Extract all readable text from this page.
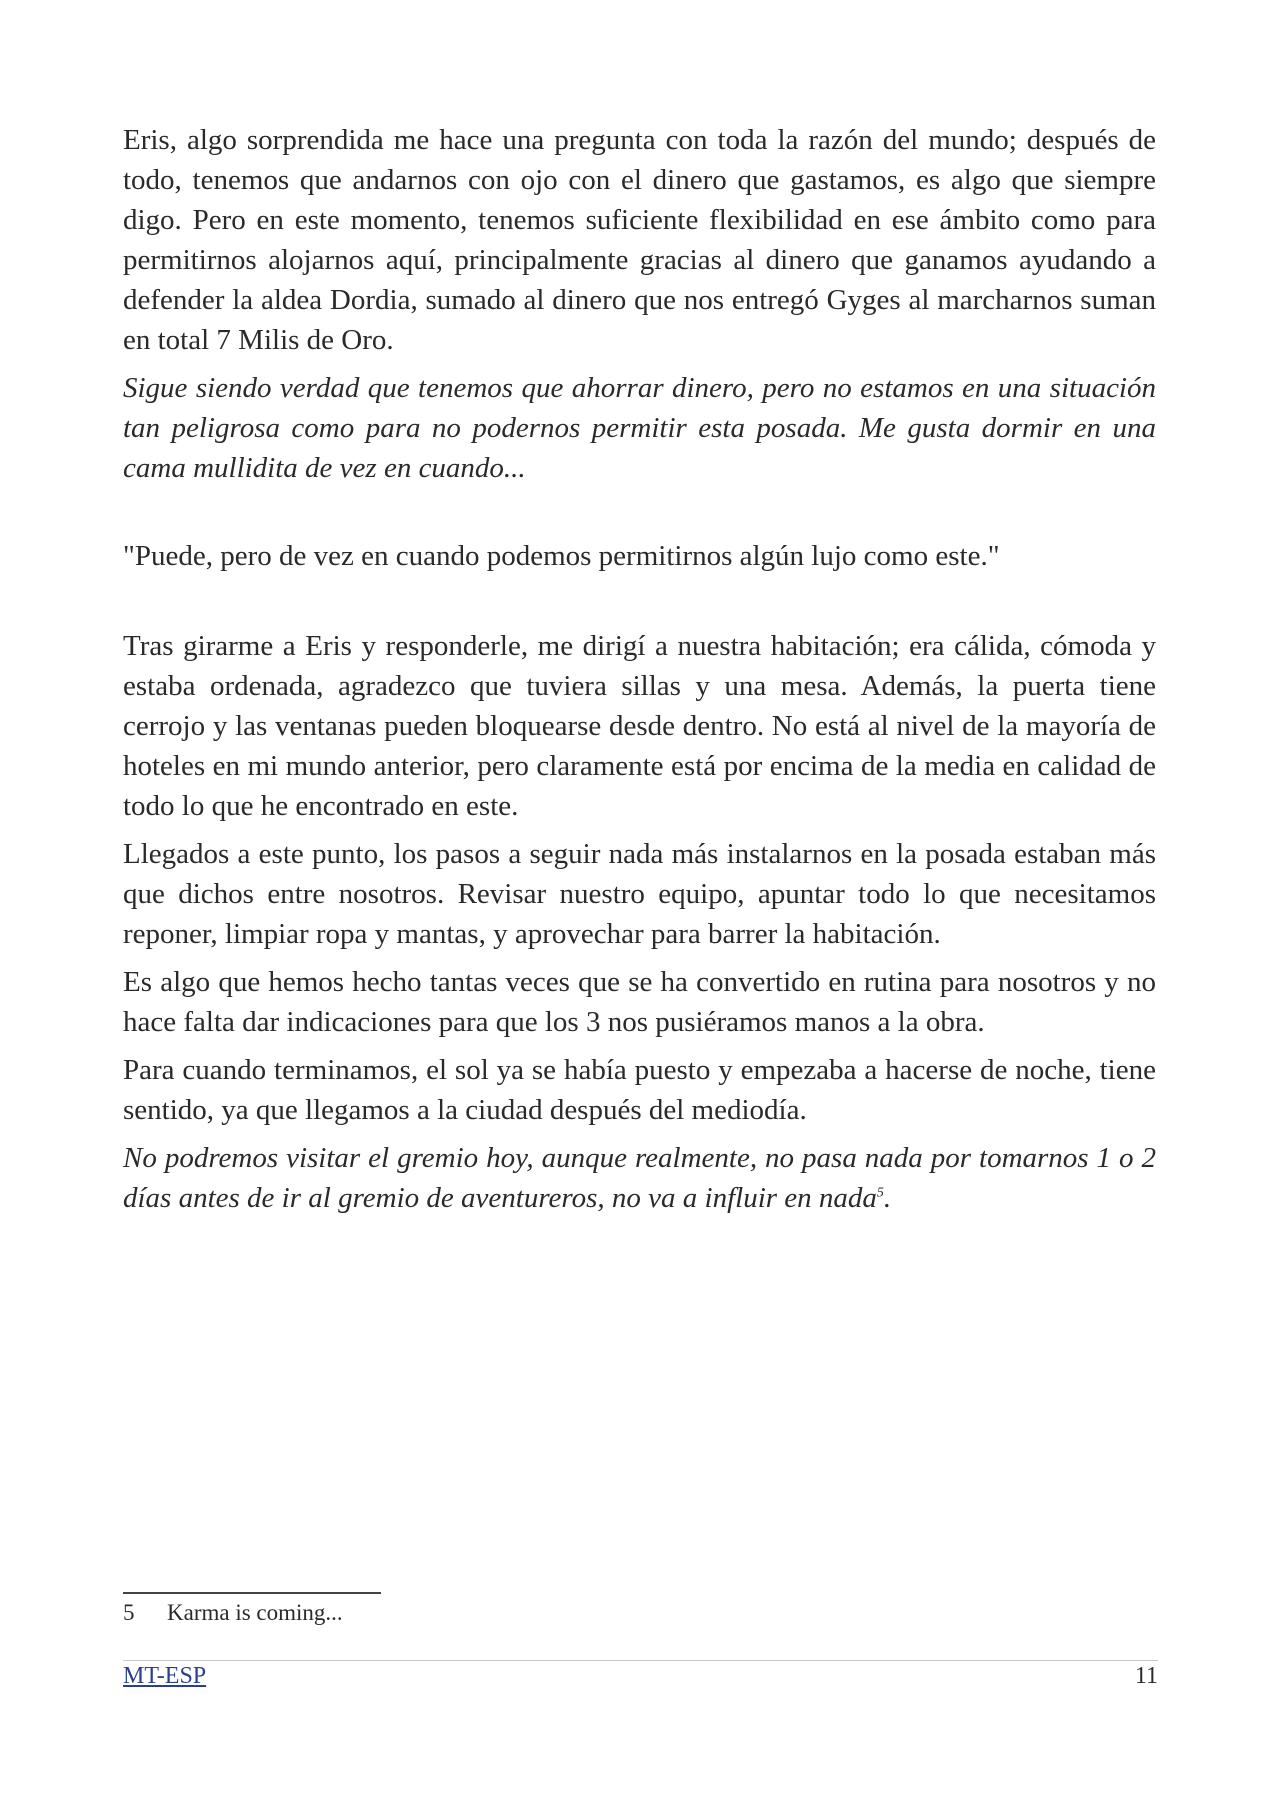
Eris, algo sorprendida me hace una pregunta con toda la razón del mundo; después de todo, tenemos que andarnos con ojo con el dinero que gastamos, es algo que siempre digo. Pero en este momento, tenemos suficiente flexibilidad en ese ámbito como para permitirnos alojarnos aquí, principalmente gracias al dinero que ganamos ayudando a defender la aldea Dordia, sumado al dinero que nos entregó Gyges al marcharnos suman en total 7 Milis de Oro.

Sigue siendo verdad que tenemos que ahorrar dinero, pero no estamos en una situación tan peligrosa como para no podernos permitir esta posada. Me gusta dormir en una cama mullidita de vez en cuando...

"Puede, pero de vez en cuando podemos permitirnos algún lujo como este."

Tras girarme a Eris y responderle, me dirigí a nuestra habitación; era cálida, cómoda y estaba ordenada, agradezco que tuviera sillas y una mesa. Además, la puerta tiene cerrojo y las ventanas pueden bloquearse desde dentro. No está al nivel de la mayoría de hoteles en mi mundo anterior, pero claramente está por encima de la media en calidad de todo lo que he encontrado en este.

Llegados a este punto, los pasos a seguir nada más instalarnos en la posada estaban más que dichos entre nosotros. Revisar nuestro equipo, apuntar todo lo que necesitamos reponer, limpiar ropa y mantas, y aprovechar para barrer la habitación.

Es algo que hemos hecho tantas veces que se ha convertido en rutina para nosotros y no hace falta dar indicaciones para que los 3 nos pusiéramos manos a la obra.

Para cuando terminamos, el sol ya se había puesto y empezaba a hacerse de noche, tiene sentido, ya que llegamos a la ciudad después del mediodía.

No podremos visitar el gremio hoy, aunque realmente, no pasa nada por tomarnos 1 o 2 días antes de ir al gremio de aventureros, no va a influir en nada$^5$.

5 Karma is coming...
MT-ESP	11
